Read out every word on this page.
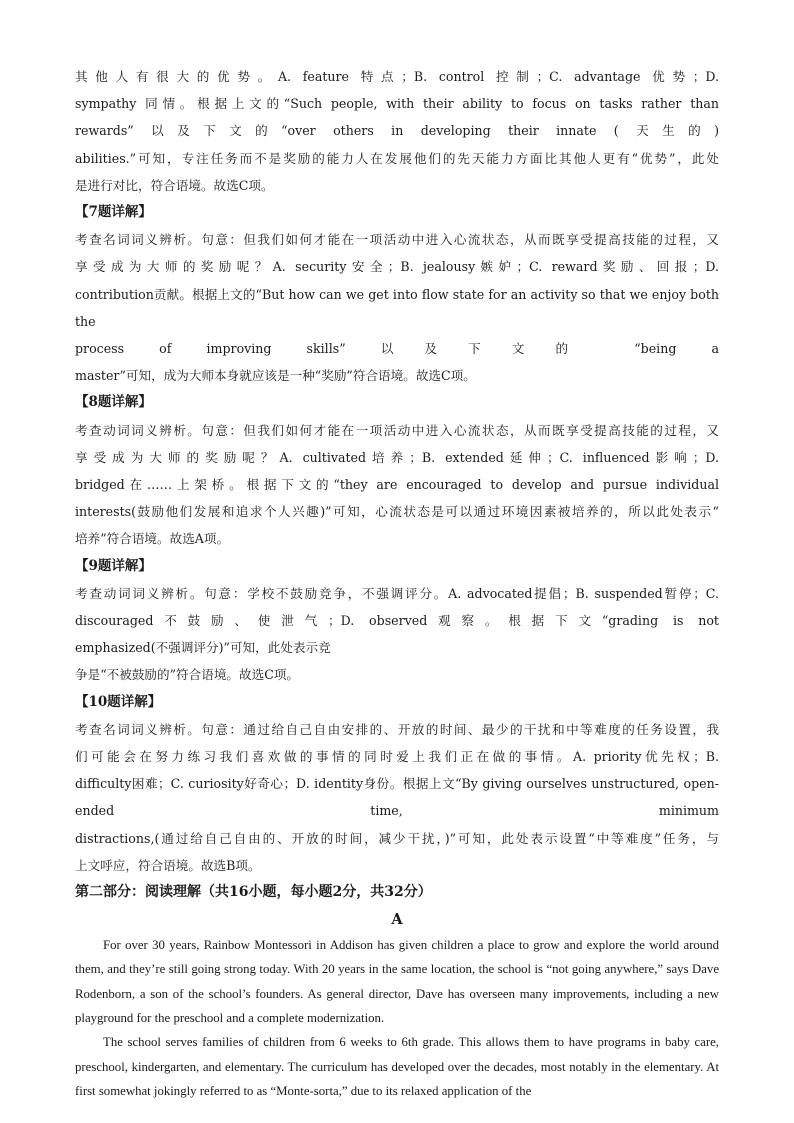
其他人有很大的优势。A. feature 特点；B. control 控制；C. advantage 优势；D.

sympathy 同情。根据上文的“Such people, with their ability to focus on tasks rather than

rewards” 以及下文的“over others in developing their innate ( 天生的)

abilities.”可知，专注任务而不是奖励的能力人在发展他们的先天能力方面比其他人更有“优势”，此处

是进行对比，符合语境。故选C项。

【7题详解】

考查名词词义辨析。句意：但我们如何才能在一项活动中进入心流状态，从而既享受提高技能的过程，又

享受成为大师的奖励呢？A. security安全；B. jealousy嫉妒；C. reward奖励、回报；D.

contribution贡献。根据上文的“But how can we get into flow state for an activity so that we enjoy both the

process of improving skills” 以及下文的 “being a

master”可知，成为大师本身就应该是一种“奖励”符合语境。故选C项。

【8题详解】

考查动词词义辨析。句意：但我们如何才能在一项活动中进入心流状态，从而既享受提高技能的过程，又

享受成为大师的奖励呢？A. cultivated培养；B. extended延伸；C. influenced影响；D.

bridged在……上架桥。根据下文的“they are encouraged to develop and pursue individual

interests(鼓励他们发展和追求个人兴趣)”可知，心流状态是可以通过环境因素被培养的，所以此处表示“

培养”符合语境。故选A项。

【9题详解】

考查动词词义辨析。句意：学校不鼓励竞争，不强调评分。A. advocated提倡；B. suspended暂停；C.

discouraged不鼓励、使泄气；D. observed观察。根据下文“grading is not

emphasized(不强调评分)”可知，此处表示竞

争是“不被鼓励的”符合语境。故选C项。

【10题详解】

考查名词词义辨析。句意：通过给自己自由安排的、开放的时间、最少的干扰和中等难度的任务设置，我

们可能会在努力练习我们喜欢做的事情的同时爱上我们正在做的事情。A. priority优先权；B.

difficulty困难；C. curiosity好奇心；D. identity身份。根据上文“By giving ourselves unstructured, open-

ended time, minimum

distractions,(通过给自己自由的、开放的时间，减少干扰，)”可知，此处表示设置“中等难度”任务，与

上文呼应，符合语境。故选B项。

第二部分：阅读理解（共16小题，每小题2分，共32分）

A

For over 30 years, Rainbow Montessori in Addison has given children a place to grow and explore the world around them, and they’re still going strong today. With 20 years in the same location, the school is “not going anywhere,” says Dave Rodenborn, a son of the school’s founders. As general director, Dave has overseen many improvements, including a new playground for the preschool and a complete modernization.

The school serves families of children from 6 weeks to 6th grade. This allows them to have programs in baby care, preschool, kindergarten, and elementary. The curriculum has developed over the decades, most notably in the elementary. At first somewhat jokingly referred to as “Monte-sorta,” due to its relaxed application of the
